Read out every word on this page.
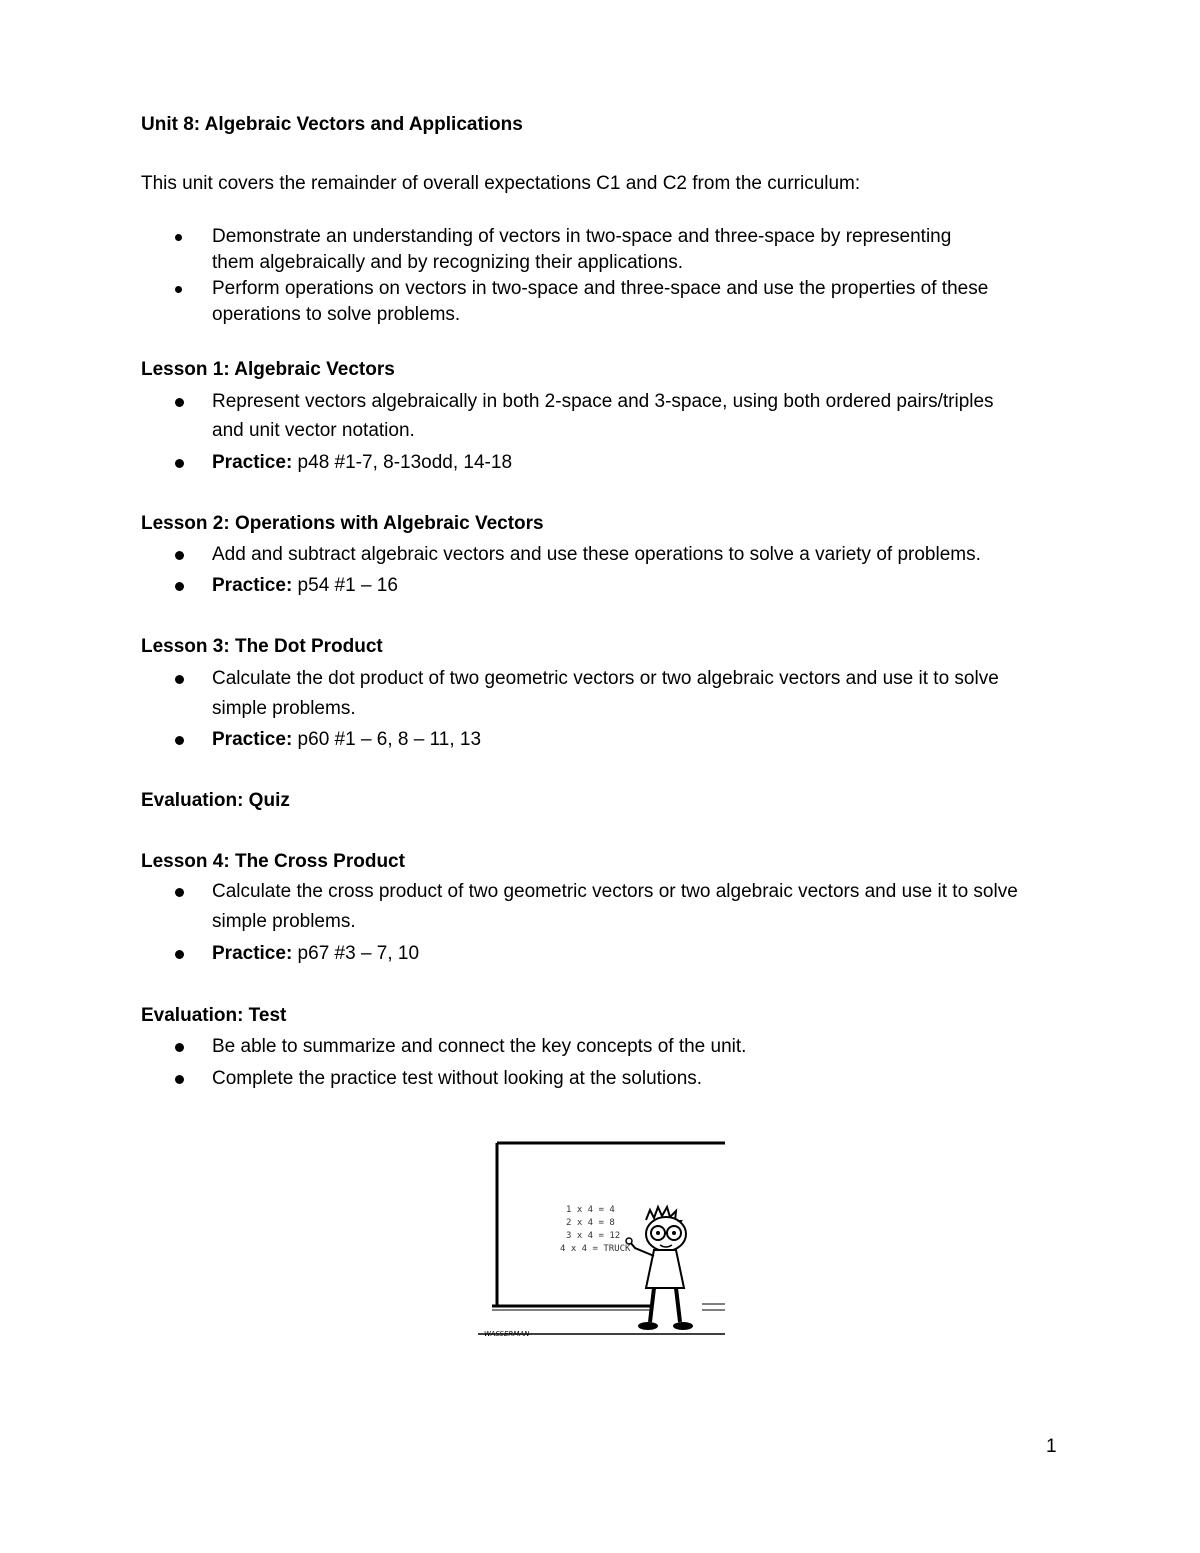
Unit 8: Algebraic Vectors and Applications
This unit covers the remainder of overall expectations C1 and C2 from the curriculum:
Demonstrate an understanding of vectors in two-space and three-space by representing
them algebraically and by recognizing their applications.
Perform operations on vectors in two-space and three-space and use the properties of these
operations to solve problems.
Lesson 1: Algebraic Vectors
Represent vectors algebraically in both 2-space and 3-space, using both ordered pairs/triples
and unit vector notation.
Practice: p48 #1-7, 8-13odd, 14-18
Lesson 2: Operations with Algebraic Vectors
Add and subtract algebraic vectors and use these operations to solve a variety of problems.
Practice: p54 #1 – 16
Lesson 3: The Dot Product
Calculate the dot product of two geometric vectors or two algebraic vectors and use it to solve
simple problems.
Practice: p60 #1 – 6, 8 – 11, 13
Evaluation: Quiz
Lesson 4: The Cross Product
Calculate the cross product of two geometric vectors or two algebraic vectors and use it to solve
simple problems.
Practice: p67 #3 – 7, 10
Evaluation: Test
Be able to summarize and connect the key concepts of the unit.
Complete the practice test without looking at the solutions.
1 x 4 = 4
2 x 4 = 8
3 x 4 = 12
4 x 4 = TRUCK
WASSERMAN
1
